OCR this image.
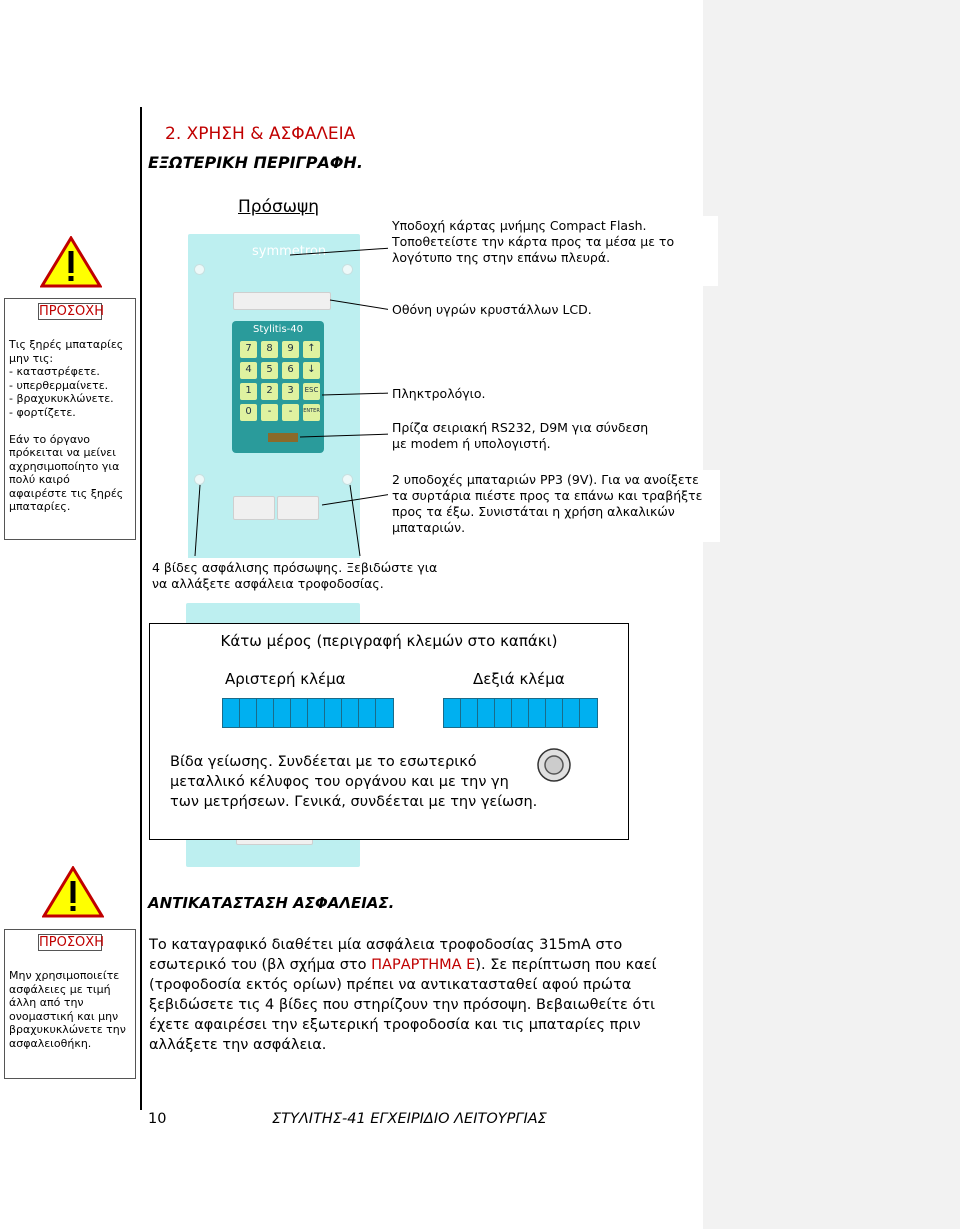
2. ΧΡΗΣΗ & ΑΣΦΑΛΕΙΑ
ΕΞΩΤΕΡΙΚΗ ΠΕΡΙΓΡΑΦΗ.
Πρόσωψη
ΠΡΟΣΟΧΗ
Τις ξηρές μπαταρίες μην τις:
- καταστρέφετε.
- υπερθερμαίνετε.
- βραχυκυκλώνετε.
- φορτίζετε.

Εάν το όργανο πρόκειται να μείνει αχρησιμοποίητο για πολύ καιρό αφαιρέστε τις ξηρές μπαταρίες.
symmetron
Stylitis-40
7	8	9	↑
4	5	6	↓
1	2	3	ESC
0	-	-	ENTER
Υποδοχή κάρτας μνήμης Compact Flash. Τοποθετείστε την κάρτα προς τα μέσα με το λογότυπο της στην επάνω πλευρά.
Οθόνη υγρών κρυστάλλων LCD.
Πληκτρολόγιο.
Πρίζα σειριακή RS232, D9M για σύνδεση με modem ή υπολογιστή.
2 υποδοχές μπαταριών PP3 (9V). Για να ανοίξετε τα συρτάρια πιέστε προς τα επάνω και τραβήξτε προς τα έξω. Συνιστάται η χρήση αλκαλικών μπαταριών.
4 βίδες ασφάλισης πρόσωψης. Ξεβιδώστε για να αλλάξετε ασφάλεια τροφοδοσίας.
Κάτω μέρος (περιγραφή κλεμών στο καπάκι)
Αριστερή κλέμα	Δεξιά κλέμα
Βίδα γείωσης. Συνδέεται με το εσωτερικό μεταλλικό κέλυφος του οργάνου και με την γη των μετρήσεων. Γενικά, συνδέεται με την γείωση.
ΑΝΤΙΚΑΤΑΣΤΑΣΗ ΑΣΦΑΛΕΙΑΣ.
ΠΡΟΣΟΧΗ
Μην χρησιμοποιείτε ασφάλειες με τιμή άλλη από την ονομαστική και μην βραχυκυκλώνετε την ασφαλειοθήκη.
Το καταγραφικό διαθέτει μία ασφάλεια τροφοδοσίας 315mA στο εσωτερικό του (βλ σχήμα στο ΠΑΡΑΡΤΗΜΑ Ε). Σε περίπτωση που καεί (τροφοδοσία εκτός ορίων) πρέπει να αντικατασταθεί αφού πρώτα ξεβιδώσετε τις 4 βίδες που στηρίζουν την πρόσοψη. Βεβαιωθείτε ότι έχετε αφαιρέσει την εξωτερική τροφοδοσία και τις μπαταρίες πριν αλλάξετε την ασφάλεια.
10	ΣΤΥΛΙΤΗΣ-41 ΕΓΧΕΙΡΙΔΙΟ ΛΕΙΤΟΥΡΓΙΑΣ
